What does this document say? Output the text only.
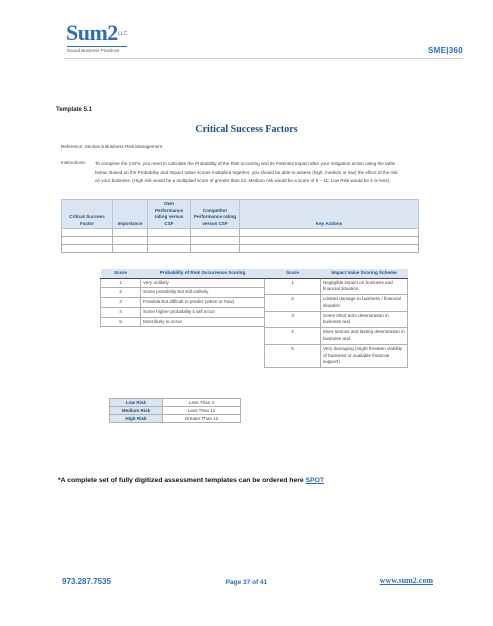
Sum2 LLC
Sound Business Practices	SME|360
Template 5.1
Critical Success Factors
Reference: Section 5 Business Risk Management
Instructions: To complete the CSFs, you need to calculate the Probability of the Risk occurring and its Potential Impact after your mitigation action using the table below. Based on the Probability and Impact Value scores multiplied together, you should be able to assess (high, medium or low) the effect of the risk on your business. (High risk would be a multiplied score of greater than 12; Medium risk would be a score of 5 – 11; Low Risk would be 4 or less).
Critical Success Factor	Importance	Own Performance rating versus CSF	Competitor Performance rating versus CSF	Key Actions

Score	Probability of Risk Occurrence Scoring
1	Very unlikely
2	Some possibility but still unlikely
3	Possible but difficult to predict (when or how)
4	Some higher probability it will occur
5	Most likely to occur
Score	Impact Value Scoring Scheme
1	Negligible impact on business and financial situation
2	Limited damage to business / financial situation
3	Some short term deterioration in business and
4	More serious and lasting deterioration in business and
5	Very damaging (might threaten viability of business or available financial support)
Low Risk	Less Than 4
Medium Risk	Less Than 11
High Risk	Greater Than 12
*A complete set of fully digitized assessment templates can be ordered here SPOT
973.287.7535	Page 37 of 41	www.sum2.com
